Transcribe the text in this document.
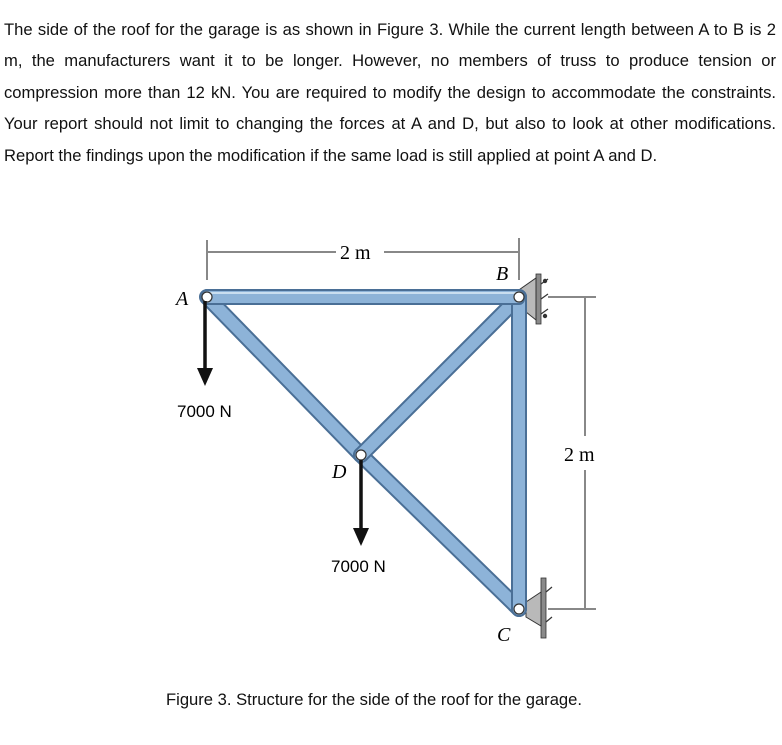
The side of the roof for the garage is as shown in Figure 3. While the current length between A to B is 2 m, the manufacturers want it to be longer. However, no members of truss to produce tension or compression more than 12 kN. You are required to modify the design to accommodate the constraints. Your report should not limit to changing the forces at A and D, but also to look at other modifications. Report the findings upon the modification if the same load is still applied at point A and D.

2 m
2 m
A
B
C
D
7000 N
7000 N
Figure 3. Structure for the side of the roof for the garage.
